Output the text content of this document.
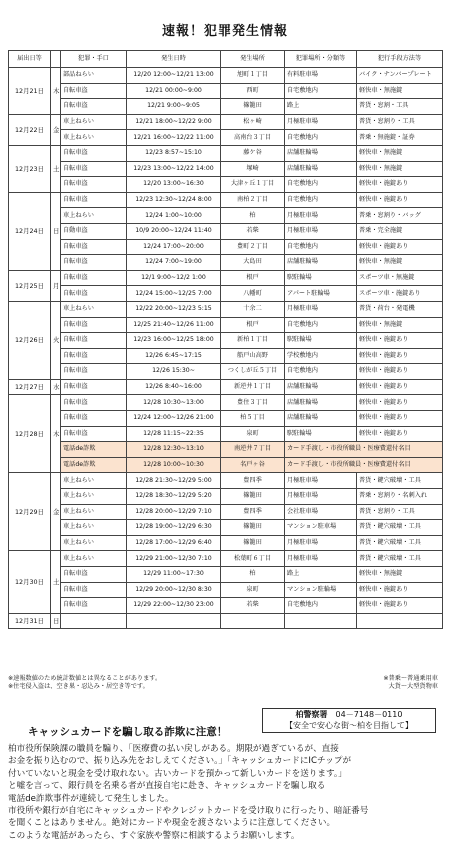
速報！犯罪発生情報
届出日等		犯罪・手口	発生日時	発生場所	犯罪場所・分類等	犯行手段方法等
12月21日	木	部品ねらい	12/20 12:00~12/21 13:00	旭町１丁目	有料駐車場	バイク・ナンバープレート
		自転車盗	12/21 00:00~9:00	西町	自宅敷地内	軽快車・無施錠
		自転車盗	12/21 9:00~9:05	篠籠田	路上	普貨・窓割・工具
12月22日	金	車上ねらい	12/21 18:00~12/22 9:00	松ヶ崎	月極駐車場	普貨・窓割り・工具
		車上ねらい	12/21 16:00~12/22 11:00	高南台３丁目	自宅敷地内	普乗・無施錠・証券
12月23日	土	自転車盗	12/23 8:57~15:10	藤ケ谷	店舗駐輪場	軽快車・無施錠
		自転車盗	12/23 13:00~12/22 14:00	塚崎	店舗駐輪場	軽快車・無施錠
		自転車盗	12/20 13:00~16:30	大津ヶ丘１丁目	自宅敷地内	軽快車・施錠あり
12月24日	日	自転車盗	12/23 12:30~12/24 8:00	南柏２丁目	自宅敷地内	軽快車・施錠あり
		車上ねらい	12/24 1:00~10:00	柏	月極駐車場	普乗・窓割り・バッグ
		自動車盗	10/9 20:00~12/24 11:40	若柴	月極駐車場	普乗・完全施錠
		自転車盗	12/24 17:00~20:00	豊町２丁目	自宅敷地内	軽快車・施錠あり
		自転車盗	12/24 7:00~19:00	大島田	店舗駐輪場	軽快車・無施錠
12月25日	月	自転車盗	12/1 9:00~12/2 1:00	根戸	駅駐輪場	スポーツ車・無施錠
		自転車盗	12/24 15:00~12/25 7:00	八幡町	アパート駐輪場	スポーツ車・施錠あり
12月26日	火	車上ねらい	12/22 20:00~12/23 5:15	十余二	月極駐車場	普貨・荷台・発電機
		自転車盗	12/25 21:40~12/26 11:00	根戸	自宅敷地内	軽快車・無施錠
		自転車盗	12/23 16:00~12/25 18:00	新柏１丁目	駅駐輪場	軽快車・施錠あり
		自転車盗	12/26 6:45~17:15	船戸山高野	学校敷地内	軽快車・施錠あり
		自転車盗	12/26 15:30~	つくしが丘５丁目	自宅敷地内	軽快車・施錠あり
12月27日	水	自転車盗	12/26 8:40~16:00	新逆井１丁目	店舗駐輪場	軽快車・施錠あり
12月28日	木	自転車盗	12/28 10:30~13:00	豊住３丁目	店舗駐輪場	軽快車・施錠あり
		自転車盗	12/24 12:00~12/26 21:00	柏５丁目	店舗駐輪場	軽快車・施錠あり
		自転車盗	12/28 11:15~22:35	泉町	駅駐輪場	軽快車・施錠あり
		電話de詐欺	12/28 12:30~13:10	南逆井７丁目	カード手渡し・市役所職員・医療費還付名目	
		電話de詐欺	12/28 10:00~10:30	名戸ヶ谷	カード手渡し・市役所職員・医療費還付名目	
12月29日	金	車上ねらい	12/28 21:30~12/29 5:00	豊四季	月極駐車場	普貨・鍵穴破壊・工具
		車上ねらい	12/28 18:30~12/29 5:20	篠籠田	月極駐車場	普乗・窓割り・名刺入れ
		車上ねらい	12/28 20:00~12/29 7:10	豊四季	会社駐車場	普貨・窓割り・工具
		車上ねらい	12/28 19:00~12/29 6:30	篠籠田	マンション駐車場	普貨・鍵穴破壊・工具
		車上ねらい	12/28 17:00~12/29 6:40	篠籠田	月極駐車場	普貨・鍵穴破壊・工具
12月30日	土	車上ねらい	12/29 21:00~12/30 7:10	松葉町６丁目	月極駐車場	普貨・鍵穴破壊・工具
		自転車盗	12/29 11:00~17:30	柏	路上	軽快車・無施錠
		自転車盗	12/29 20:00~12/30 8:30	泉町	マンション駐輪場	軽快車・施錠あり
		自転車盗	12/29 22:00~12/30 23:00	若柴	自宅敷地内	軽快車・施錠あり
12月31日	日					
※速報数値のため統計数値とは異なることがあります。	※普乗～普通乗用車
※住宅侵入盗は、空き巣・忍込み・居空き等です。	大貨～大型貨物車
柏警察署　 04－7148－0110
【安全で安心な街～柏を目指して】
キャッシュカードを騙し取る詐欺に注意！

柏市役所保険課の職員を騙り、「医療費の払い戻しがある。期限が過ぎているが、直接

お金を振り込むので、振り込み先をおしえてください。」「キャッシュカードにICチップが

付いていないと現金を受け取れない。古いカードを預かって新しいカードを送ります。」

と嘘を言って、銀行員を名乗る者が直接自宅に赴き、キャッシュカードを騙し取る

電話de詐欺事件が連続して発生しました。

市役所や銀行が自宅にキャッシュカードやクレジットカードを受け取りに行ったり、暗証番号

を聞くことはありません。絶対にカードや現金を渡さないように注意してください。

このような電話があったら、すぐ家族や警察に相談するようお願いします。
